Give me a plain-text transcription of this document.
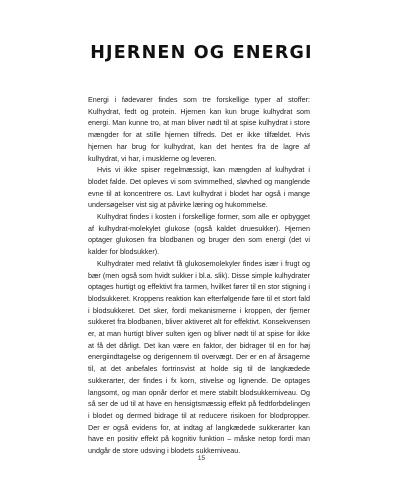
HJERNEN OG ENERGI

Energi i fødevarer findes som tre forskellige typer af stoffer: Kulhydrat, fedt og protein. Hjernen kan kun bruge kulhydrat som energi. Man kunne tro, at man bliver nødt til at spise kulhydrat i store mængder for at stille hjernen tilfreds. Det er ikke tilfældet. Hvis hjernen har brug for kulhydrat, kan det hentes fra de lagre af kulhydrat, vi har, i musklerne og leveren.

Hvis vi ikke spiser regelmæssigt, kan mængden af kulhydrat i blodet falde. Det opleves vi som svimmelhed, sløvhed og manglende evne til at koncentrere os. Lavt kulhydrat i blodet har også i mange undersøgelser vist sig at påvirke læring og hukommelse.

Kulhydrat findes i kosten i forskellige former, som alle er opbygget af kulhydrat-molekylet glukose (også kaldet druesukker). Hjernen optager glukosen fra blodbanen og bruger den som energi (det vi kalder for blodsukker).

Kulhydrater med relativt få glukosemolekyler findes især i frugt og bær (men også som hvidt sukker i bl.a. slik). Disse simple kulhydrater optages hurtigt og effektivt fra tarmen, hvilket fører til en stor stigning i blodsukkeret. Kroppens reaktion kan efterfølgende føre til et stort fald i blodsukkeret. Det sker, fordi mekanismerne i kroppen, der fjerner sukkeret fra blodbanen, bliver aktiveret alt for effektivt. Konsekvensen er, at man hurtigt bliver sulten igen og bliver nødt til at spise for ikke at få det dårligt. Det kan være en faktor, der bidrager til en for høj energiindtagelse og derigennem til overvægt. Der er en af årsagerne til, at det anbefales fortrinsvist at holde sig til de langkædede sukkerarter, der findes i fx korn, stivelse og lignende. De optages langsomt, og man opnår derfor et mere stabilt blodsukkerniveau. Og så ser de ud til at have en hensigtsmæssig effekt på fedtforbdelingen i blodet og dermed bidrage til at reducere risikoen for blodpropper. Der er også evidens for, at indtag af langkædede sukkerarter kan have en positiv effekt på kognitiv funktion – måske netop fordi man undgår de store udsving i blodets sukkerniveau.

15
